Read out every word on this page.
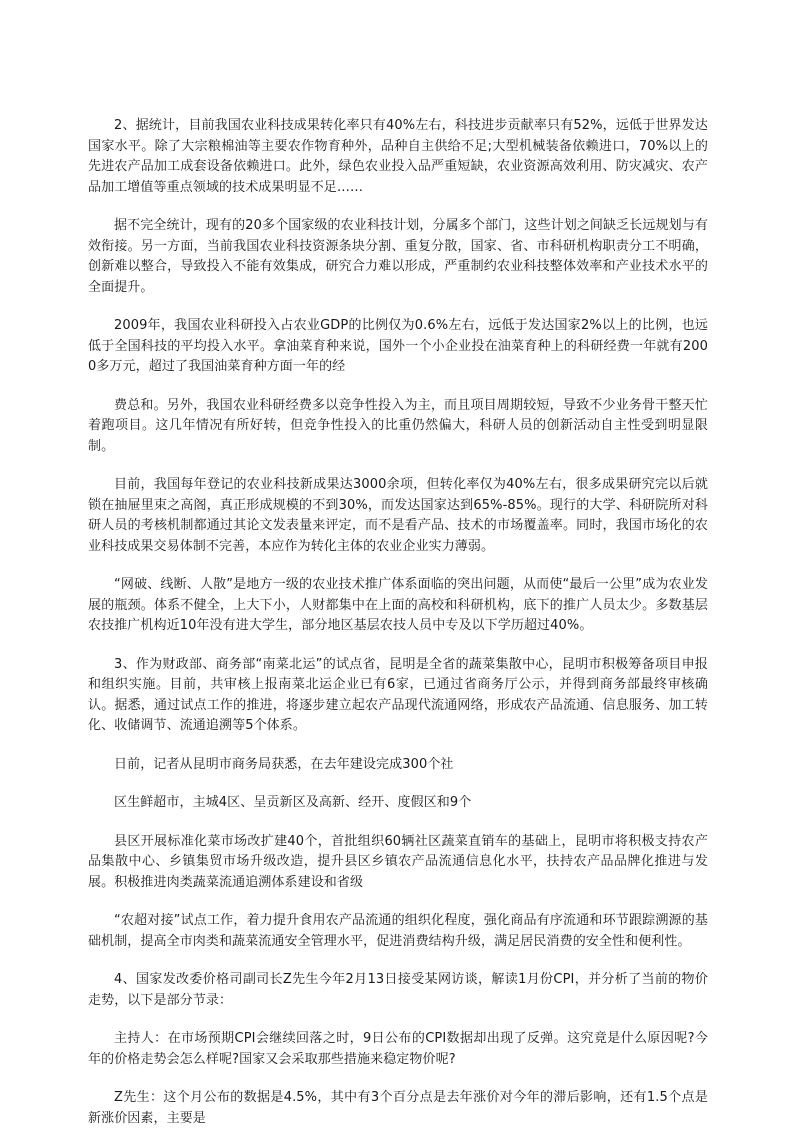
2、据统计，目前我国农业科技成果转化率只有40%左右，科技进步贡献率只有52%，远低于世界发达国家水平。除了大宗粮棉油等主要农作物育种外，品种自主供给不足;大型机械装备依赖进口，70%以上的先进农产品加工成套设备依赖进口。此外，绿色农业投入品严重短缺，农业资源高效利用、防灾减灾、农产品加工增值等重点领域的技术成果明显不足……

据不完全统计，现有的20多个国家级的农业科技计划，分属多个部门，这些计划之间缺乏长远规划与有效衔接。另一方面，当前我国农业科技资源条块分割、重复分散，国家、省、市科研机构职责分工不明确，创新难以整合，导致投入不能有效集成，研究合力难以形成，严重制约农业科技整体效率和产业技术水平的全面提升。

2009年，我国农业科研投入占农业GDP的比例仅为0.6%左右，远低于发达国家2%以上的比例，也远低于全国科技的平均投入水平。拿油菜育种来说，国外一个小企业投在油菜育种上的科研经费一年就有2000多万元，超过了我国油菜育种方面一年的经

费总和。另外，我国农业科研经费多以竞争性投入为主，而且项目周期较短，导致不少业务骨干整天忙着跑项目。这几年情况有所好转，但竞争性投入的比重仍然偏大，科研人员的创新活动自主性受到明显限制。

目前，我国每年登记的农业科技新成果达3000余项，但转化率仅为40%左右，很多成果研究完以后就锁在抽屉里束之高阁，真正形成规模的不到30%，而发达国家达到65%-85%。现行的大学、科研院所对科研人员的考核机制都通过其论文发表量来评定，而不是看产品、技术的市场覆盖率。同时，我国市场化的农业科技成果交易体制不完善，本应作为转化主体的农业企业实力薄弱。

“网破、线断、人散”是地方一级的农业技术推广体系面临的突出问题，从而使“最后一公里”成为农业发展的瓶颈。体系不健全，上大下小，人财都集中在上面的高校和科研机构，底下的推广人员太少。多数基层农技推广机构近10年没有进大学生，部分地区基层农技人员中专及以下学历超过40%。

3、作为财政部、商务部“南菜北运”的试点省，昆明是全省的蔬菜集散中心，昆明市积极筹备项目申报和组织实施。目前，共审核上报南菜北运企业已有6家，已通过省商务厅公示，并得到商务部最终审核确认。据悉，通过试点工作的推进，将逐步建立起农产品现代流通网络，形成农产品流通、信息服务、加工转化、收储调节、流通追溯等5个体系。

日前，记者从昆明市商务局获悉，在去年建设完成300个社

区生鲜超市，主城4区、呈贡新区及高新、经开、度假区和9个

县区开展标准化菜市场改扩建40个，首批组织60辆社区蔬菜直销车的基础上，昆明市将积极支持农产品集散中心、乡镇集贸市场升级改造，提升县区乡镇农产品流通信息化水平，扶持农产品品牌化推进与发展。积极推进肉类蔬菜流通追溯体系建设和省级

“农超对接”试点工作，着力提升食用农产品流通的组织化程度，强化商品有序流通和环节跟踪溯源的基础机制，提高全市肉类和蔬菜流通安全管理水平，促进消费结构升级，满足居民消费的安全性和便利性。

4、国家发改委价格司副司长Z先生今年2月13日接受某网访谈，解读1月份CPI，并分析了当前的物价走势，以下是部分节录：

主持人：在市场预期CPI会继续回落之时，9日公布的CPI数据却出现了反弹。这究竟是什么原因呢?今年的价格走势会怎么样呢?国家又会采取那些措施来稳定物价呢?

Z先生：这个月公布的数据是4.5%，其中有3个百分点是去年涨价对今年的滞后影响，还有1.5个点是新涨价因素，主要是
